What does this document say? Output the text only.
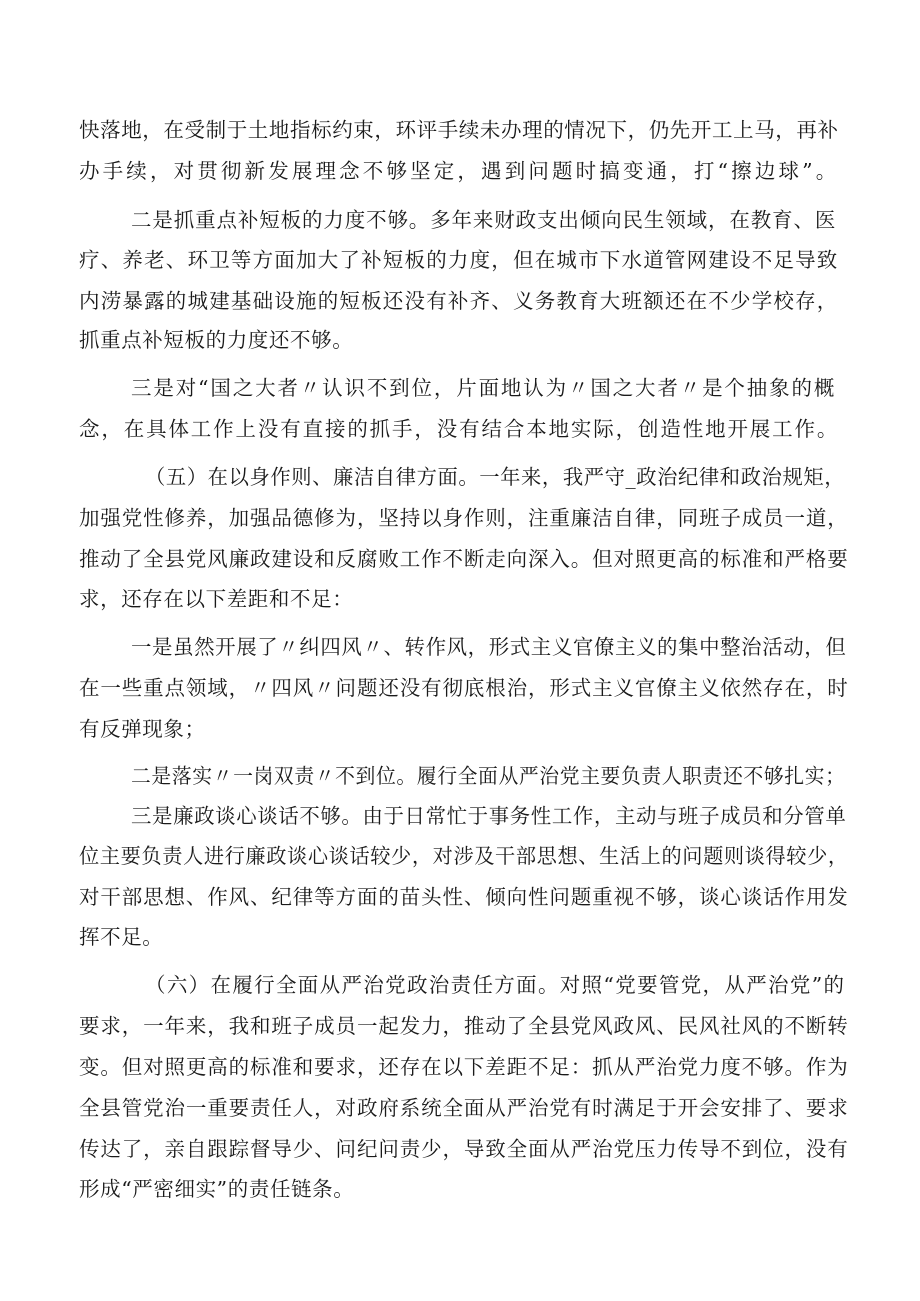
快落地，在受制于土地指标约束，环评手续未办理的情况下，仍先开工上马，再补
办手续，对贯彻新发展理念不够坚定，遇到问题时搞变通，打“擦边球”。
二是抓重点补短板的力度不够。多年来财政支出倾向民生领域，在教育、医
疗、养老、环卫等方面加大了补短板的力度，但在城市下水道管网建设不足导致
内涝暴露的城建基础设施的短板还没有补齐、义务教育大班额还在不少学校存，
抓重点补短板的力度还不够。
三是对“国之大者〃认识不到位，片面地认为〃国之大者〃是个抽象的概
念，在具体工作上没有直接的抓手，没有结合本地实际，创造性地开展工作。
（五）在以身作则、廉洁自律方面。一年来，我严守_政治纪律和政治规矩，
加强党性修养，加强品德修为，坚持以身作则，注重廉洁自律，同班子成员一道，
推动了全县党风廉政建设和反腐败工作不断走向深入。但对照更高的标准和严格要
求，还存在以下差距和不足：
一是虽然开展了〃纠四风〃、转作风，形式主义官僚主义的集中整治活动，但
在一些重点领域，〃四风〃问题还没有彻底根治，形式主义官僚主义依然存在，时
有反弹现象；
二是落实〃一岗双责〃不到位。履行全面从严治党主要负责人职责还不够扎实；
三是廉政谈心谈话不够。由于日常忙于事务性工作，主动与班子成员和分管单
位主要负责人进行廉政谈心谈话较少，对涉及干部思想、生活上的问题则谈得较少，
对干部思想、作风、纪律等方面的苗头性、倾向性问题重视不够，谈心谈话作用发
挥不足。
（六）在履行全面从严治党政治责任方面。对照“党要管党，从严治党”的
要求，一年来，我和班子成员一起发力，推动了全县党风政风、民风社风的不断转
变。但对照更高的标准和要求，还存在以下差距不足：抓从严治党力度不够。作为
全县管党治一重要责任人，对政府系统全面从严治党有时满足于开会安排了、要求
传达了，亲自跟踪督导少、问纪问责少，导致全面从严治党压力传导不到位，没有
形成“严密细实”的责任链条。
